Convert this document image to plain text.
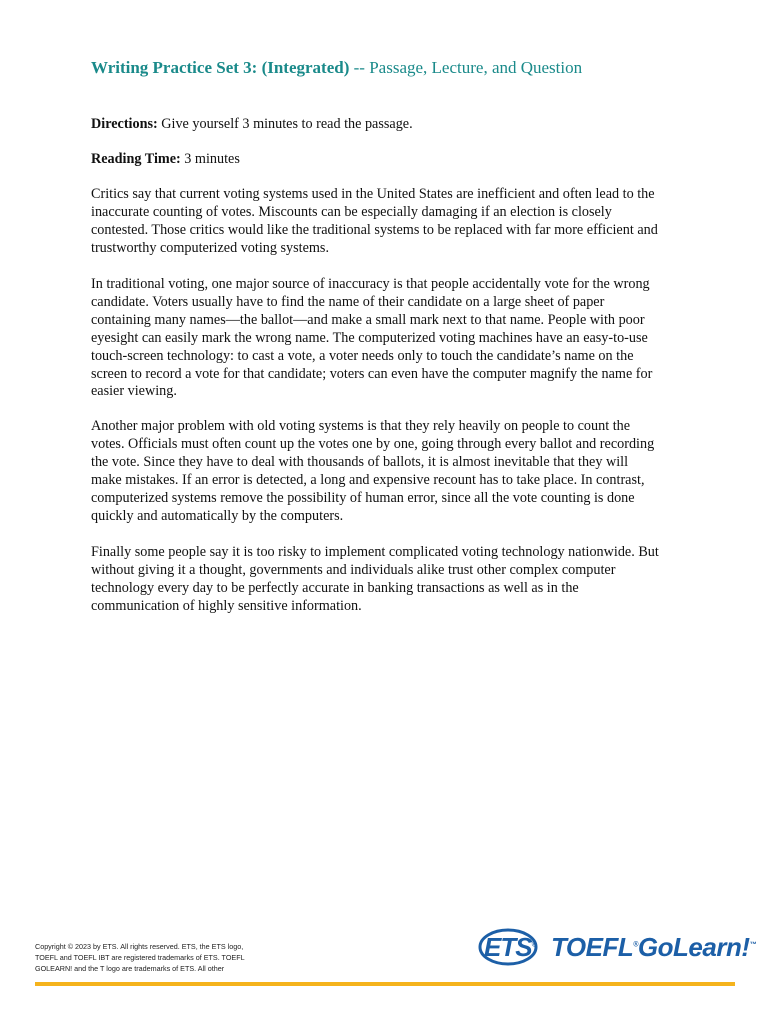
Writing Practice Set 3: (Integrated) -- Passage, Lecture, and Question
Directions: Give yourself 3 minutes to read the passage.
Reading Time: 3 minutes
Critics say that current voting systems used in the United States are inefficient and often lead to the inaccurate counting of votes. Miscounts can be especially damaging if an election is closely contested. Those critics would like the traditional systems to be replaced with far more efficient and trustworthy computerized voting systems.
In traditional voting, one major source of inaccuracy is that people accidentally vote for the wrong candidate. Voters usually have to find the name of their candidate on a large sheet of paper containing many names—the ballot—and make a small mark next to that name. People with poor eyesight can easily mark the wrong name. The computerized voting machines have an easy-to-use touch-screen technology: to cast a vote, a voter needs only to touch the candidate’s name on the screen to record a vote for that candidate; voters can even have the computer magnify the name for easier viewing.
Another major problem with old voting systems is that they rely heavily on people to count the votes. Officials must often count up the votes one by one, going through every ballot and recording the vote. Since they have to deal with thousands of ballots, it is almost inevitable that they will make mistakes. If an error is detected, a long and expensive recount has to take place. In contrast, computerized systems remove the possibility of human error, since all the vote counting is done quickly and automatically by the computers.
Finally some people say it is too risky to implement complicated voting technology nationwide. But without giving it a thought, governments and individuals alike trust other complex computer technology every day to be perfectly accurate in banking transactions as well as in the communication of highly sensitive information.
Copyright © 2023 by ETS. All rights reserved. ETS, the ETS logo,
TOEFL and TOEFL IBT are registered trademarks of ETS. TOEFL
GOLEARN! and the T logo are trademarks of ETS. All other
ETS® TOEFL®GoLearn!™
